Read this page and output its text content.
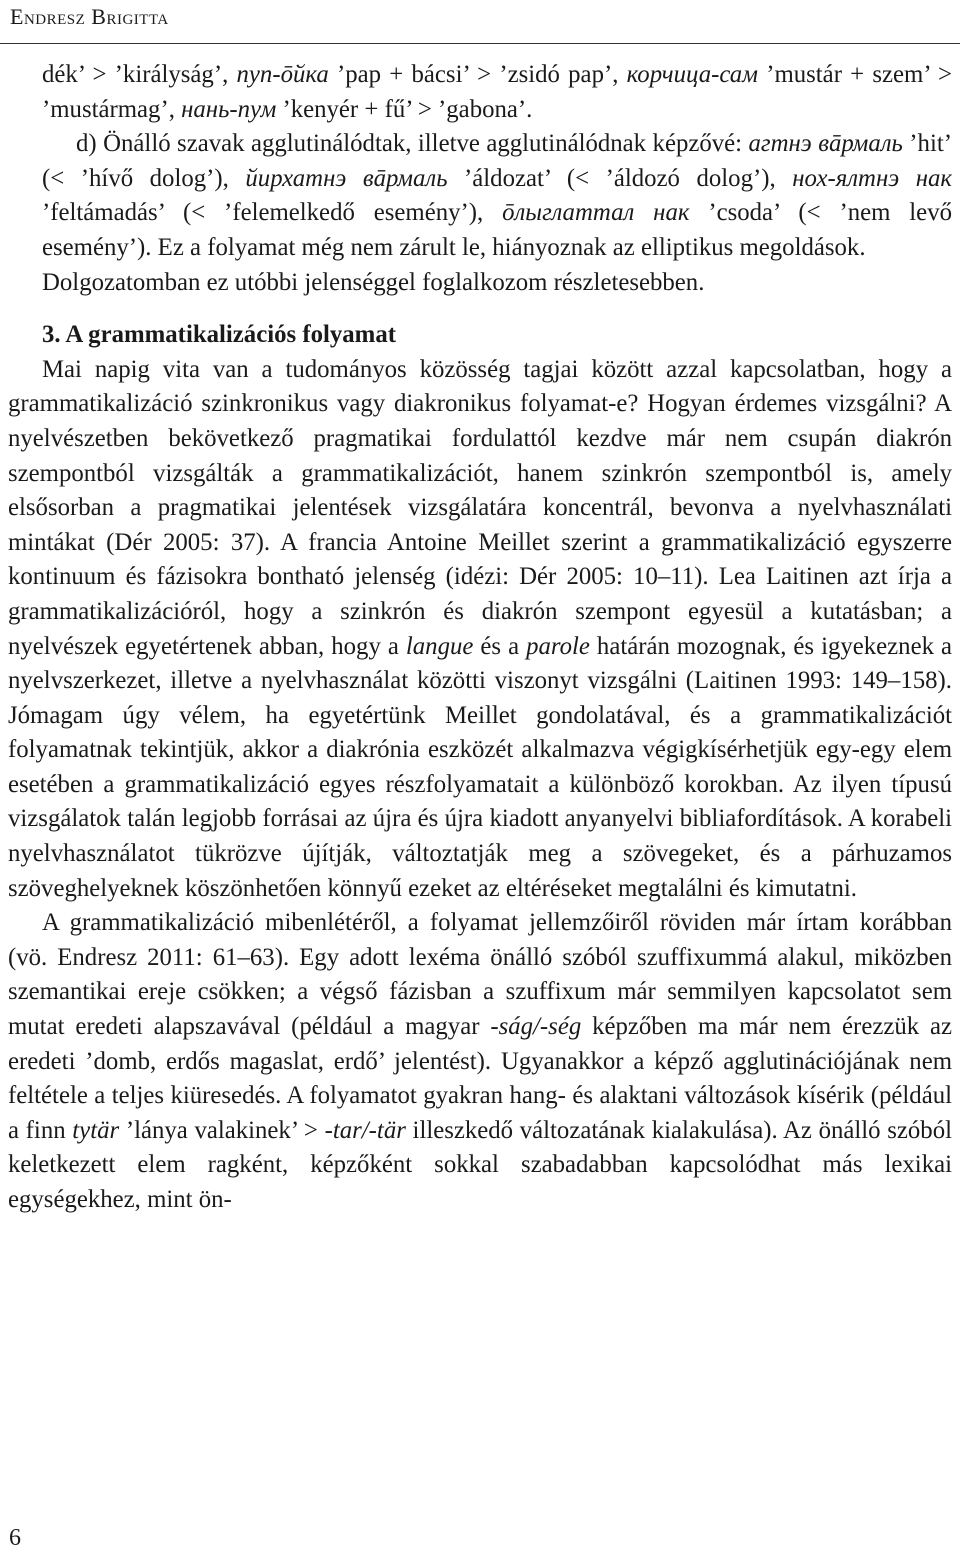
Endresz Brigitta

dék’ > ’királyság’, пуп-ōйка ’pap + bácsi’ > ’zsidó pap’, корчица-сам ’mustár + szem’ > ’mustármag’, нань-пум ’kenyér + fű’ > ’gabona’.

d) Önálló szavak agglutinálódtak, illetve agglutinálódnak képzővé: агтнэ вāрмаль ’hit’ (< ’hívő dolog’), йирхатнэ вāрмаль ’áldozat’ (< ’áldozó dolog’), нох-ялтнэ нак ’feltámadás’ (< ’felemelkedő esemény’), ōлыглаттал нак ’csoda’ (< ’nem levő esemény’). Ez a folyamat még nem zárult le, hiányoznak az elliptikus megoldások.

Dolgozatomban ez utóbbi jelenséggel foglalkozom részletesebben.

3. A grammatikalizációs folyamat

Mai napig vita van a tudományos közösség tagjai között azzal kapcsolatban, hogy a grammatikalizáció szinkronikus vagy diakronikus folyamat-e? Hogyan érdemes vizsgálni? A nyelvészetben bekövetkező pragmatikai fordulattól kezdve már nem csupán diakrón szempontból vizsgálták a grammatikalizációt, hanem szinkrón szempontból is, amely elsősorban a pragmatikai jelentések vizsgálatára koncentrál, bevonva a nyelvhasználati mintákat (Dér 2005: 37). A francia Antoine Meillet szerint a grammatikalizáció egyszerre kontinuum és fázisokra bontható jelenség (idézi: Dér 2005: 10–11). Lea Laitinen azt írja a grammatikalizációról, hogy a szinkrón és diakrón szempont egyesül a kutatásban; a nyelvészek egyetértenek abban, hogy a langue és a parole határán mozognak, és igyekeznek a nyelvszerkezet, illetve a nyelvhasználat közötti viszonyt vizsgálni (Laitinen 1993: 149–158). Jómagam úgy vélem, ha egyetértünk Meillet gondolatával, és a grammatikalizációt folyamatnak tekintjük, akkor a diakrónia eszközét alkalmazva végigkísérhetjük egy-egy elem esetében a grammatikalizáció egyes részfolyamatait a különböző korokban. Az ilyen típusú vizsgálatok talán legjobb forrásai az újra és újra kiadott anyanyelvi bibliafordítások. A korabeli nyelvhasználatot tükrözve újítják, változtatják meg a szövegeket, és a párhuzamos szöveghelyeknek köszönhetően könnyű ezeket az eltéréseket megtalálni és kimutatni.

A grammatikalizáció mibenlétéről, a folyamat jellemzőiről röviden már írtam korábban (vö. Endresz 2011: 61–63). Egy adott lexéma önálló szóból szuffixummá alakul, miközben szemantikai ereje csökken; a végső fázisban a szuffixum már semmilyen kapcsolatot sem mutat eredeti alapszavával (például a magyar -ság/-ség képzőben ma már nem érezzük az eredeti ’domb, erdős magaslat, erdő’ jelentést). Ugyanakkor a képző agglutinációjának nem feltétele a teljes kiüresedés. A folyamatot gyakran hang- és alaktani változások kísérik (például a finn tytär ’lánya valakinek’ > -tar/-tär illeszkedő változatának kialakulása). Az önálló szóból keletkezett elem ragként, képzőként sokkal szabadabban kapcsolódhat más lexikai egységekhez, mint ön-

6
